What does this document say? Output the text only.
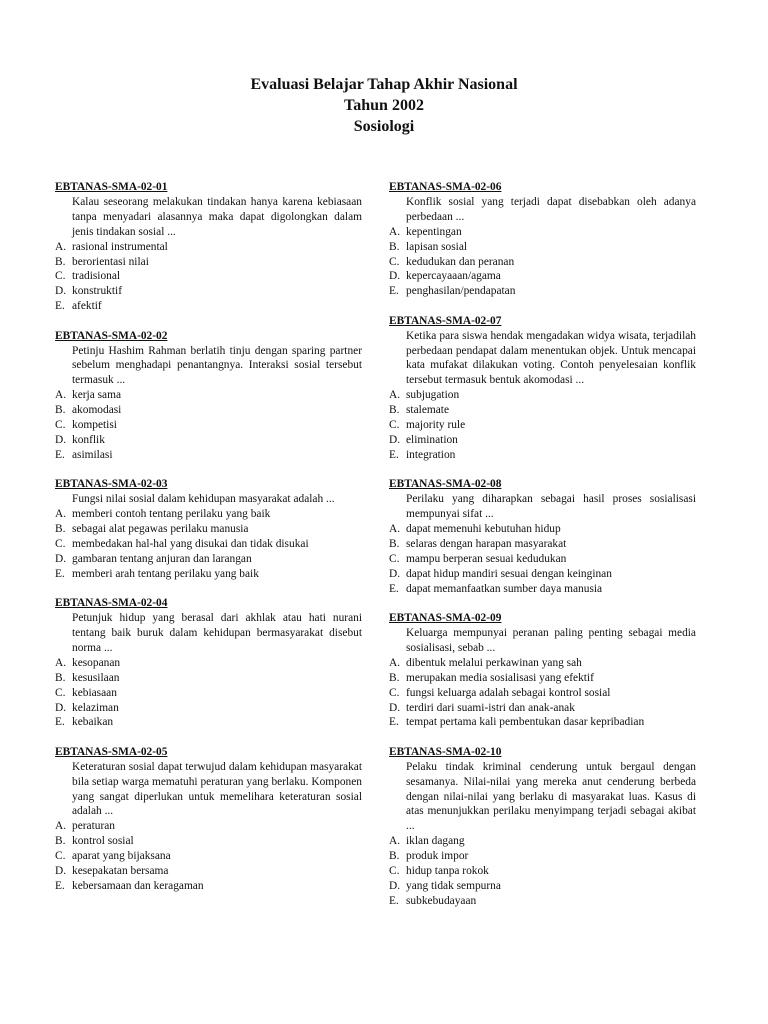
Evaluasi Belajar Tahap Akhir Nasional
Tahun 2002
Sosiologi
EBTANAS-SMA-02-01
Kalau seseorang melakukan tindakan hanya karena kebiasaan tanpa menyadari alasannya maka dapat digolongkan dalam jenis tindakan sosial ...
A. rasional instrumental
B. berorientasi nilai
C. tradisional
D. konstruktif
E. afektif
EBTANAS-SMA-02-02
Petinju Hashim Rahman berlatih tinju dengan sparing partner sebelum menghadapi penantangnya. Interaksi sosial tersebut termasuk ...
A. kerja sama
B. akomodasi
C. kompetisi
D. konflik
E. asimilasi
EBTANAS-SMA-02-03
Fungsi nilai sosial dalam kehidupan masyarakat adalah ...
A. memberi contoh tentang perilaku yang baik
B. sebagai alat pegawas perilaku manusia
C. membedakan hal-hal yang disukai dan tidak disukai
D. gambaran tentang anjuran dan larangan
E. memberi arah tentang perilaku yang baik
EBTANAS-SMA-02-04
Petunjuk hidup yang berasal dari akhlak atau hati nurani tentang baik buruk dalam kehidupan bermasyarakat disebut norma ...
A. kesopanan
B. kesusilaan
C. kebiasaan
D. kelaziman
E. kebaikan
EBTANAS-SMA-02-05
Keteraturan sosial dapat terwujud dalam kehidupan masyarakat bila setiap warga mematuhi peraturan yang berlaku. Komponen yang sangat diperlukan untuk memelihara keteraturan sosial adalah ...
A. peraturan
B. kontrol sosial
C. aparat yang bijaksana
D. kesepakatan bersama
E. kebersamaan dan keragaman
EBTANAS-SMA-02-06
Konflik sosial yang terjadi dapat disebabkan oleh adanya perbedaan ...
A. kepentingan
B. lapisan sosial
C. kedudukan dan peranan
D. kepercayaaan/agama
E. penghasilan/pendapatan
EBTANAS-SMA-02-07
Ketika para siswa hendak mengadakan widya wisata, terjadilah perbedaan pendapat dalam menentukan objek. Untuk mencapai kata mufakat dilakukan voting. Contoh penyelesaian konflik tersebut termasuk bentuk akomodasi ...
A. subjugation
B. stalemate
C. majority rule
D. elimination
E. integration
EBTANAS-SMA-02-08
Perilaku yang diharapkan sebagai hasil proses sosialisasi mempunyai sifat ...
A. dapat memenuhi kebutuhan hidup
B. selaras dengan harapan masyarakat
C. mampu berperan sesuai kedudukan
D. dapat hidup mandiri sesuai dengan keinginan
E. dapat memanfaatkan sumber daya manusia
EBTANAS-SMA-02-09
Keluarga mempunyai peranan paling penting sebagai media sosialisasi, sebab ...
A. dibentuk melalui perkawinan yang sah
B. merupakan media sosialisasi yang efektif
C. fungsi keluarga adalah sebagai kontrol sosial
D. terdiri dari suami-istri dan anak-anak
E. tempat pertama kali pembentukan dasar kepribadian
EBTANAS-SMA-02-10
Pelaku tindak kriminal cenderung untuk bergaul dengan sesamanya. Nilai-nilai yang mereka anut cenderung berbeda dengan nilai-nilai yang berlaku di masyarakat luas. Kasus di atas menunjukkan perilaku menyimpang terjadi sebagai akibat ...
A. iklan dagang
B. produk impor
C. hidup tanpa rokok
D. yang tidak sempurna
E. subkebudayaan
